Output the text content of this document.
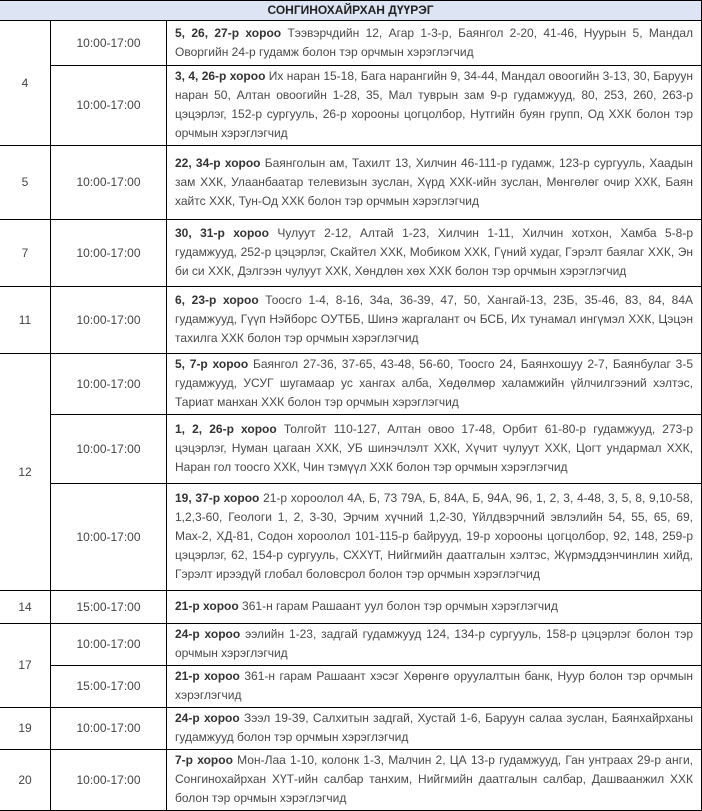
СОНГИНОХАЙРХАН ДҮҮРЭГ		
4	10:00-17:00	5, 26, 27-р хороо Тээвэрчдийн 12, Агар 1-3-р, Баянгол 2-20, 41-46, Нуурын 5, Мандал Оворгийн 24-р гудамж болон тэр орчмын хэрэглэгчид
	10:00-17:00	3, 4, 26-р хороо Их наран 15-18, Бага нарангийн 9, 34-44, Мандал овоогийн 3-13, 30, Баруун наран 50, Алтан овоогийн 1-28, 35, Мал туврын зам 9-р гудамжууд, 80, 253, 260, 263-р цэцэрлэг, 152-р сургууль, 26-р хорооны цогцолбор, Нутгийн буян групп, Од ХХК болон тэр орчмын хэрэглэгчид
5	10:00-17:00	22, 34-р хороо Баянголын ам, Тахилт 13, Хилчин 46-111-р гудамж, 123-р сургууль, Хаадын зам ХХК, Улаанбаатар телевизын зуслан, Хүрд ХХК-ийн зуслан, Мөнгөлөг очир ХХК, Баян хайтс ХХК, Тун-Од ХХК болон тэр орчмын хэрэглэгчид
7	10:00-17:00	30, 31-р хороо Чулуут 2-12, Алтай 1-23, Хилчин 1-11, Хилчин хотхон, Хамба 5-8-р гудамжууд, 252-р цэцэрлэг, Скайтел ХХК, Мобиком ХХК, Гүний худаг, Гэрэлт баялаг ХХК, Эн би си ХХК, Дэлгээн чулуут ХХК, Хөндлөн хөх ХХК болон тэр орчмын хэрэглэгчид
11	10:00-17:00	6, 23-р хороо Тоосго 1-4, 8-16, 34а, 36-39, 47, 50, Хангай-13, 23Б, 35-46, 83, 84, 84А гудамжууд, Гүүп Нэйборс ОУТББ, Шинэ жаргалант оч БСБ, Их тунамал ингүмэл ХХК, Цэцэн тахилга ХХК болон тэр орчмын хэрэглэгчид
12	10:00-17:00	5, 7-р хороо Баянгол 27-36, 37-65, 43-48, 56-60, Тоосго 24, Баянхошуу 2-7, Баянбулаг 3-5 гудамжууд, УСУГ шугамаар ус хангах алба, Хөдөлмөр халамжийн үйлчилгээний хэлтэс, Тариат манхан ХХК болон тэр орчмын хэрэглэгчид
	10:00-17:00	1, 2, 26-р хороо Толгойт 110-127, Алтан овоо 17-48, Орбит 61-80-р гудамжууд, 273-р цэцэрлэг, Нуман цагаан ХХК, УБ шинэчлэлт ХХК, Хүчит чулуут ХХК, Цогт ундармал ХХК, Наран гол тоосго ХХК, Чин тэмүүл ХХК болон тэр орчмын хэрэглэгчид
	10:00-17:00	19, 37-р хороо 21-р хороолол 4А, Б, 73 79А, Б, 84А, Б, 94А, 96, 1, 2, 3, 4-48, 3, 5, 8, 9,10-58, 1,2,3-60, Геологи 1, 2, 3-30, Эрчим хүчний 1,2-30, Үйлдвэрчний эвлэлийн 54, 55, 65, 69, Мах-2, ХД-81, Содон хороолол 101-115-р байрууд, 19-р хорооны цогцолбор, 92, 148, 259-р цэцэрлэг, 62, 154-р сургууль, СХХҮТ, Нийгмийн даатгалын хэлтэс, Жүрмэддэнчинлин хийд, Гэрэлт ирээдүй глобал боловсрол болон тэр орчмын хэрэглэгчид
14	15:00-17:00	21-р хороо 361-н гарам Рашаант уул болон тэр орчмын хэрэглэгчид
17	10:00-17:00	24-р хороо ээлийн 1-23, задгай гудамжууд 124, 134-р сургууль, 158-р цэцэрлэг болон тэр орчмын хэрэглэгчид
	15:00-17:00	21-р хороо 361-н гарам Рашаант хэсэг Хөрөнгө оруулалтын банк, Нуур болон тэр орчмын хэрэглэгчид
19	10:00-17:00	24-р хороо Зээл 19-39, Салхитын задгай, Хустай 1-6, Баруун салаа зуслан, Баянхайрханы гудамжууд болон тэр орчмын хэрэглэгчид
20	10:00-17:00	7-р хороо Мон-Лаа 1-10, колонк 1-3, Малчин 2, ЦА 13-р гудамжууд, Ган унтраах 29-р анги, Сонгинохайрхан ХҮТ-ийн салбар танхим, Нийгмийн даатгалын салбар, Дашваанжил ХХК болон тэр орчмын хэрэглэгчид
